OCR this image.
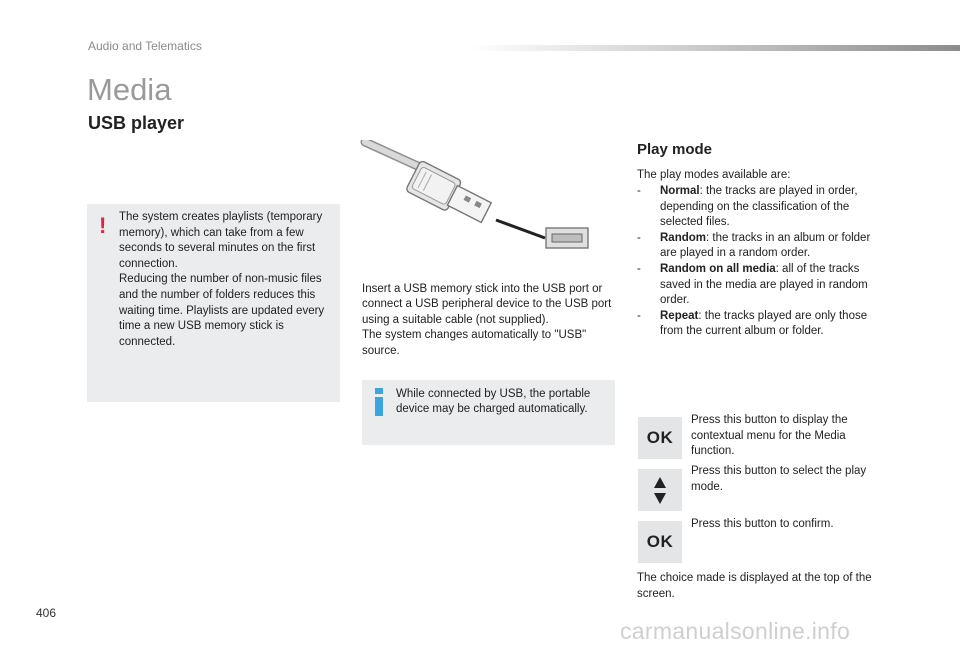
Audio and Telematics
Media
USB player
! The system creates playlists (temporary memory), which can take from a few seconds to several minutes on the first connection.
Reducing the number of non-music files and the number of folders reduces this waiting time. Playlists are updated every time a new USB memory stick is connected.
Insert a USB memory stick into the USB port or connect a USB peripheral device to the USB port using a suitable cable (not supplied).
The system changes automatically to "USB" source.
While connected by USB, the portable device may be charged automatically.
Play mode
The play modes available are:
- Normal: the tracks are played in order, depending on the classification of the selected files.
- Random: the tracks in an album or folder are played in a random order.
- Random on all media: all of the tracks saved in the media are played in random order.
- Repeat: the tracks played are only those from the current album or folder.
OK
Press this button to display the contextual menu for the Media function.
Press this button to select the play mode.
OK
Press this button to confirm.
The choice made is displayed at the top of the screen.
406
carmanualsonline.info
